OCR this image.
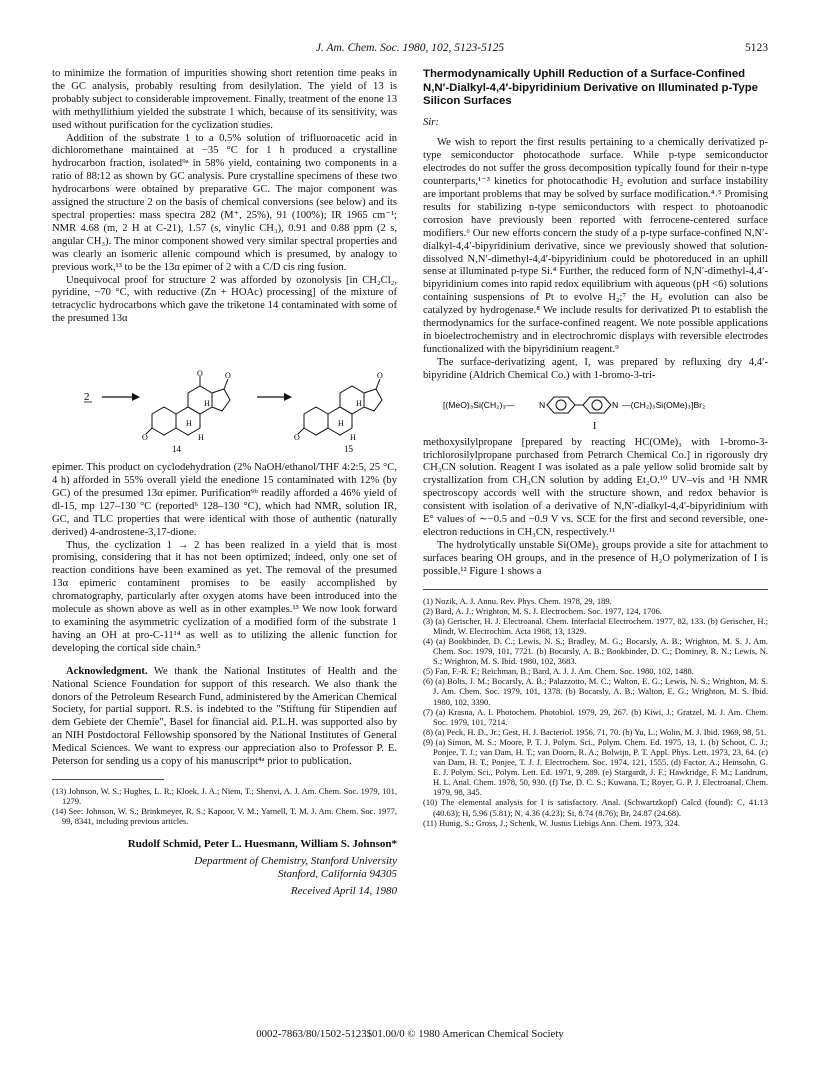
J. Am. Chem. Soc. 1980, 102, 5123-5125	5123

to minimize the formation of impurities showing short retention time peaks in the GC analysis, probably resulting from desilylation. The yield of 13 is probably subject to considerable improvement. Finally, treatment of the enone 13 with methyllithium yielded the substrate 1 which, because of its sensitivity, was used without purification for the cyclization studies.

Addition of the substrate 1 to a 0.5% solution of trifluoroacetic acid in dichloromethane maintained at −35 °C for 1 h produced a crystalline hydrocarbon fraction, isolated⁹ᵃ in 58% yield, containing two components in a ratio of 88:12 as shown by GC analysis. Pure crystalline specimens of these two hydrocarbons were obtained by preparative GC. The major component was assigned the structure 2 on the basis of chemical conversions (see below) and its spectral properties: mass spectra 282 (M⁺, 25%), 91 (100%); IR 1965 cm⁻¹; NMR 4.68 (m, 2 H at C-21), 1.57 (s, vinylic CH₃), 0.91 and 0.88 ppm (2 s, angular CH₃). The minor component showed very similar spectral properties and was clearly an isomeric allenic compound which is presumed, by analogy to previous work,¹³ to be the 13α epimer of 2 with a C/D cis ring fusion.

Unequivocal proof for structure 2 was afforded by ozonolysis [in CH₂Cl₂, pyridine, −70 °C, with reductive (Zn + HOAc) processing] of the mixture of tetracyclic hydrocarbons which gave the triketone 14 contaminated with some of the presumed 13α

2
O
O
O
H
H
H
14
O
O
H
H
H
15

epimer. This product on cyclodehydration (2% NaOH/ethanol/THF 4:2:5, 25 °C, 4 h) afforded in 55% overall yield the enedione 15 contaminated with 12% (by GC) of the presumed 13α epimer. Purification⁹ᵇ readily afforded a 46% yield of dl-15, mp 127–130 °C (reported⁶ 128–130 °C), which had NMR, solution IR, GC, and TLC properties that were identical with those of authentic (naturally derived) 4-androstene-3,17-dione.

Thus, the cyclization 1 → 2 has been realized in a yield that is most promising, considering that it has not been optimized; indeed, only one set of reaction conditions have been examined as yet. The removal of the presumed 13α epimeric contaminent promises to be easily accomplished by chromatography, particularly after oxygen atoms have been introduced into the molecule as shown above as well as in other examples.¹³ We now look forward to examining the asymmetric cyclization of a modified form of the substrate 1 having an OH at pro-C-11¹⁴ as well as to utilizing the allenic function for developing the cortical side chain.⁵

Acknowledgment. We thank the National Institutes of Health and the National Science Foundation for support of this research. We also thank the donors of the Petroleum Research Fund, administered by the American Chemical Society, for partial support. R.S. is indebted to the "Stiftung für Stipendien auf dem Gebiete der Chemie", Basel for financial aid. P.L.H. was supported also by an NIH Postdoctoral Fellowship sponsored by the National Institutes of General Medical Sciences. We want to express our appreciation also to Professor P. E. Peterson for sending us a copy of his manuscript⁴ᵃ prior to publication.

(13) Johnson, W. S.; Hughes, L. R.; Kloek, J. A.; Niem, T.; Shenvi, A. J. Am. Chem. Soc. 1979, 101, 1279.
(14) See: Johnson, W. S.; Brinkmeyer, R. S.; Kapoor, V. M.; Yarnell, T. M. J. Am. Chem. Soc. 1977, 99, 8341, including previous articles.
Rudolf Schmid, Peter L. Huesmann, William S. Johnson*
Department of Chemistry, Stanford University
Stanford, California 94305
Received April 14, 1980
Thermodynamically Uphill Reduction of a Surface-Confined N,N′-Dialkyl-4,4′-bipyridinium Derivative on Illuminated p-Type Silicon Surfaces

Sir:

We wish to report the first results pertaining to a chemically derivatized p-type semiconductor photocathode surface. While p-type semiconductor electrodes do not suffer the gross decomposition typically found for their n-type counterparts,¹⁻³ kinetics for photocathodic H₂ evolution and surface instability are important problems that may be solved by surface modification.⁴˒⁵ Promising results for stabilizing n-type semiconductors with respect to photoanodic corrosion have previously been reported with ferrocene-centered surface modifiers.⁶ Our new efforts concern the study of a p-type surface-confined N,N′-dialkyl-4,4′-bipyridinium derivative, since we previously showed that solution-dissolved N,N′-dimethyl-4,4′-bipyridinium could be photoreduced in an uphill sense at illuminated p-type Si.⁴ Further, the reduced form of N,N′-dimethyl-4,4′-bipyridinium comes into rapid redox equilibrium with aqueous (pH <6) solutions containing suspensions of Pt to evolve H₂;⁷ the H₂ evolution can also be catalyzed by hydrogenase.⁸ We include results for derivatized Pt to establish the thermodynamics for the surface-confined reagent. We note possible applications in bioelectrochemistry and in electrochromic displays with reversible electrodes functionalized with the bipyridinium reagent.⁹

The surface-derivatizing agent, I, was prepared by refluxing dry 4,4′-bipyridine (Aldrich Chemical Co.) with 1-bromo-3-tri-

[(MeO)₃Si(CH₂)₃—	N	N —(CH₂)₃Si(OMe)₃]Br₂
I

methoxysilylpropane [prepared by reacting HC(OMe)₃ with 1-bromo-3-trichlorosilylpropane purchased from Petrarch Chemical Co.] in rigorously dry CH₃CN solution. Reagent I was isolated as a pale yellow solid bromide salt by crystallization from CH₃CN solution by adding Et₂O.¹⁰ UV–vis and ¹H NMR spectroscopy accords well with the structure shown, and redox behavior is consistent with isolation of a derivative of N,N′-dialkyl-4,4′-bipyridinium with E° values of ∼−0.5 and −0.9 V vs. SCE for the first and second reversible, one-electron reductions in CH₃CN, respectively.¹¹

The hydrolytically unstable Si(OMe)₃ groups provide a site for attachment to surfaces bearing OH groups, and in the presence of H₂O polymerization of I is possible.¹² Figure 1 shows a

(1) Nozik, A. J. Annu. Rev. Phys. Chem. 1978, 29, 189.
(2) Bard, A. J.; Wrighton, M. S. J. Electrochem. Soc. 1977, 124, 1706.
(3) (a) Gerischer, H. J. Electroanal. Chem. Interfacial Electrochem. 1977, 82, 133. (b) Gerischer, H.; Mindt, W. Electrochim. Acta 1968, 13, 1329.
(4) (a) Bookbinder, D. C.; Lewis, N. S.; Bradley, M. G.; Bocarsly, A. B.; Wrighton, M. S. J. Am. Chem. Soc. 1979, 101, 7721. (b) Bocarsly, A. B.; Bookbinder, D. C.; Dominey, R. N.; Lewis, N. S.; Wrighton, M. S. Ibid. 1980, 102, 3683.
(5) Fan, F.-R. F.; Reichman, B.; Bard, A. J. J. Am. Chem. Soc. 1980, 102, 1488.
(6) (a) Bolts, J. M.; Bocarsly, A. B.; Palazzotto, M. C.; Walton, E. G.; Lewis, N. S.; Wrighton, M. S. J. Am. Chem. Soc. 1979, 101, 1378. (b) Bocarsly, A. B.; Walton, E. G.; Wrighton, M. S. Ibid. 1980, 102, 3390.
(7) (a) Krasna, A. I. Photochem. Photobiol. 1979, 29, 267. (b) Kiwi, J.; Gratzel, M. J. Am. Chem. Soc. 1979, 101, 7214.
(8) (a) Peck, H. D., Jr.; Gest, H. J. Bacteriol. 1956, 71, 70. (b) Yu, L.; Wolin, M. J. Ibid. 1969, 98, 51.
(9) (a) Simon, M. S.; Moore, P. T. J. Polym. Sci., Polym. Chem. Ed. 1975, 13, 1. (b) Schoot, C. J.; Ponjee, T. J.; van Dam, H. T.; van Doorn, R. A.; Bolwijn, P. T. Appl. Phys. Lett. 1973, 23, 64. (c) van Dam, H. T.; Ponjee, T. J. J. Electrochem. Soc. 1974, 121, 1555. (d) Factor, A.; Heinsohn, G. E. J. Polym. Sci., Polym. Lett. Ed. 1971, 9, 289. (e) Stargardt, J. F.; Hawkridge, F. M.; Landrum, H. L. Anal. Chem. 1978, 50, 930. (f) Tse, D. C. S.; Kuwana, T.; Royer, G. P. J. Electroanal. Chem. 1979, 98, 345.
(10) The elemental analysis for I is satisfactory. Anal. (Schwartzkopf) Calcd (found): C, 41.13 (40.63); H, 5.96 (5.81); N, 4.36 (4.23); Si, 8.74 (8.76); Br, 24.87 (24.68).
(11) Hunig, S.; Gross, J.; Schenk, W. Justus Liebigs Ann. Chem. 1973, 324.
0002-7863/80/1502-5123$01.00/0 © 1980 American Chemical Society
